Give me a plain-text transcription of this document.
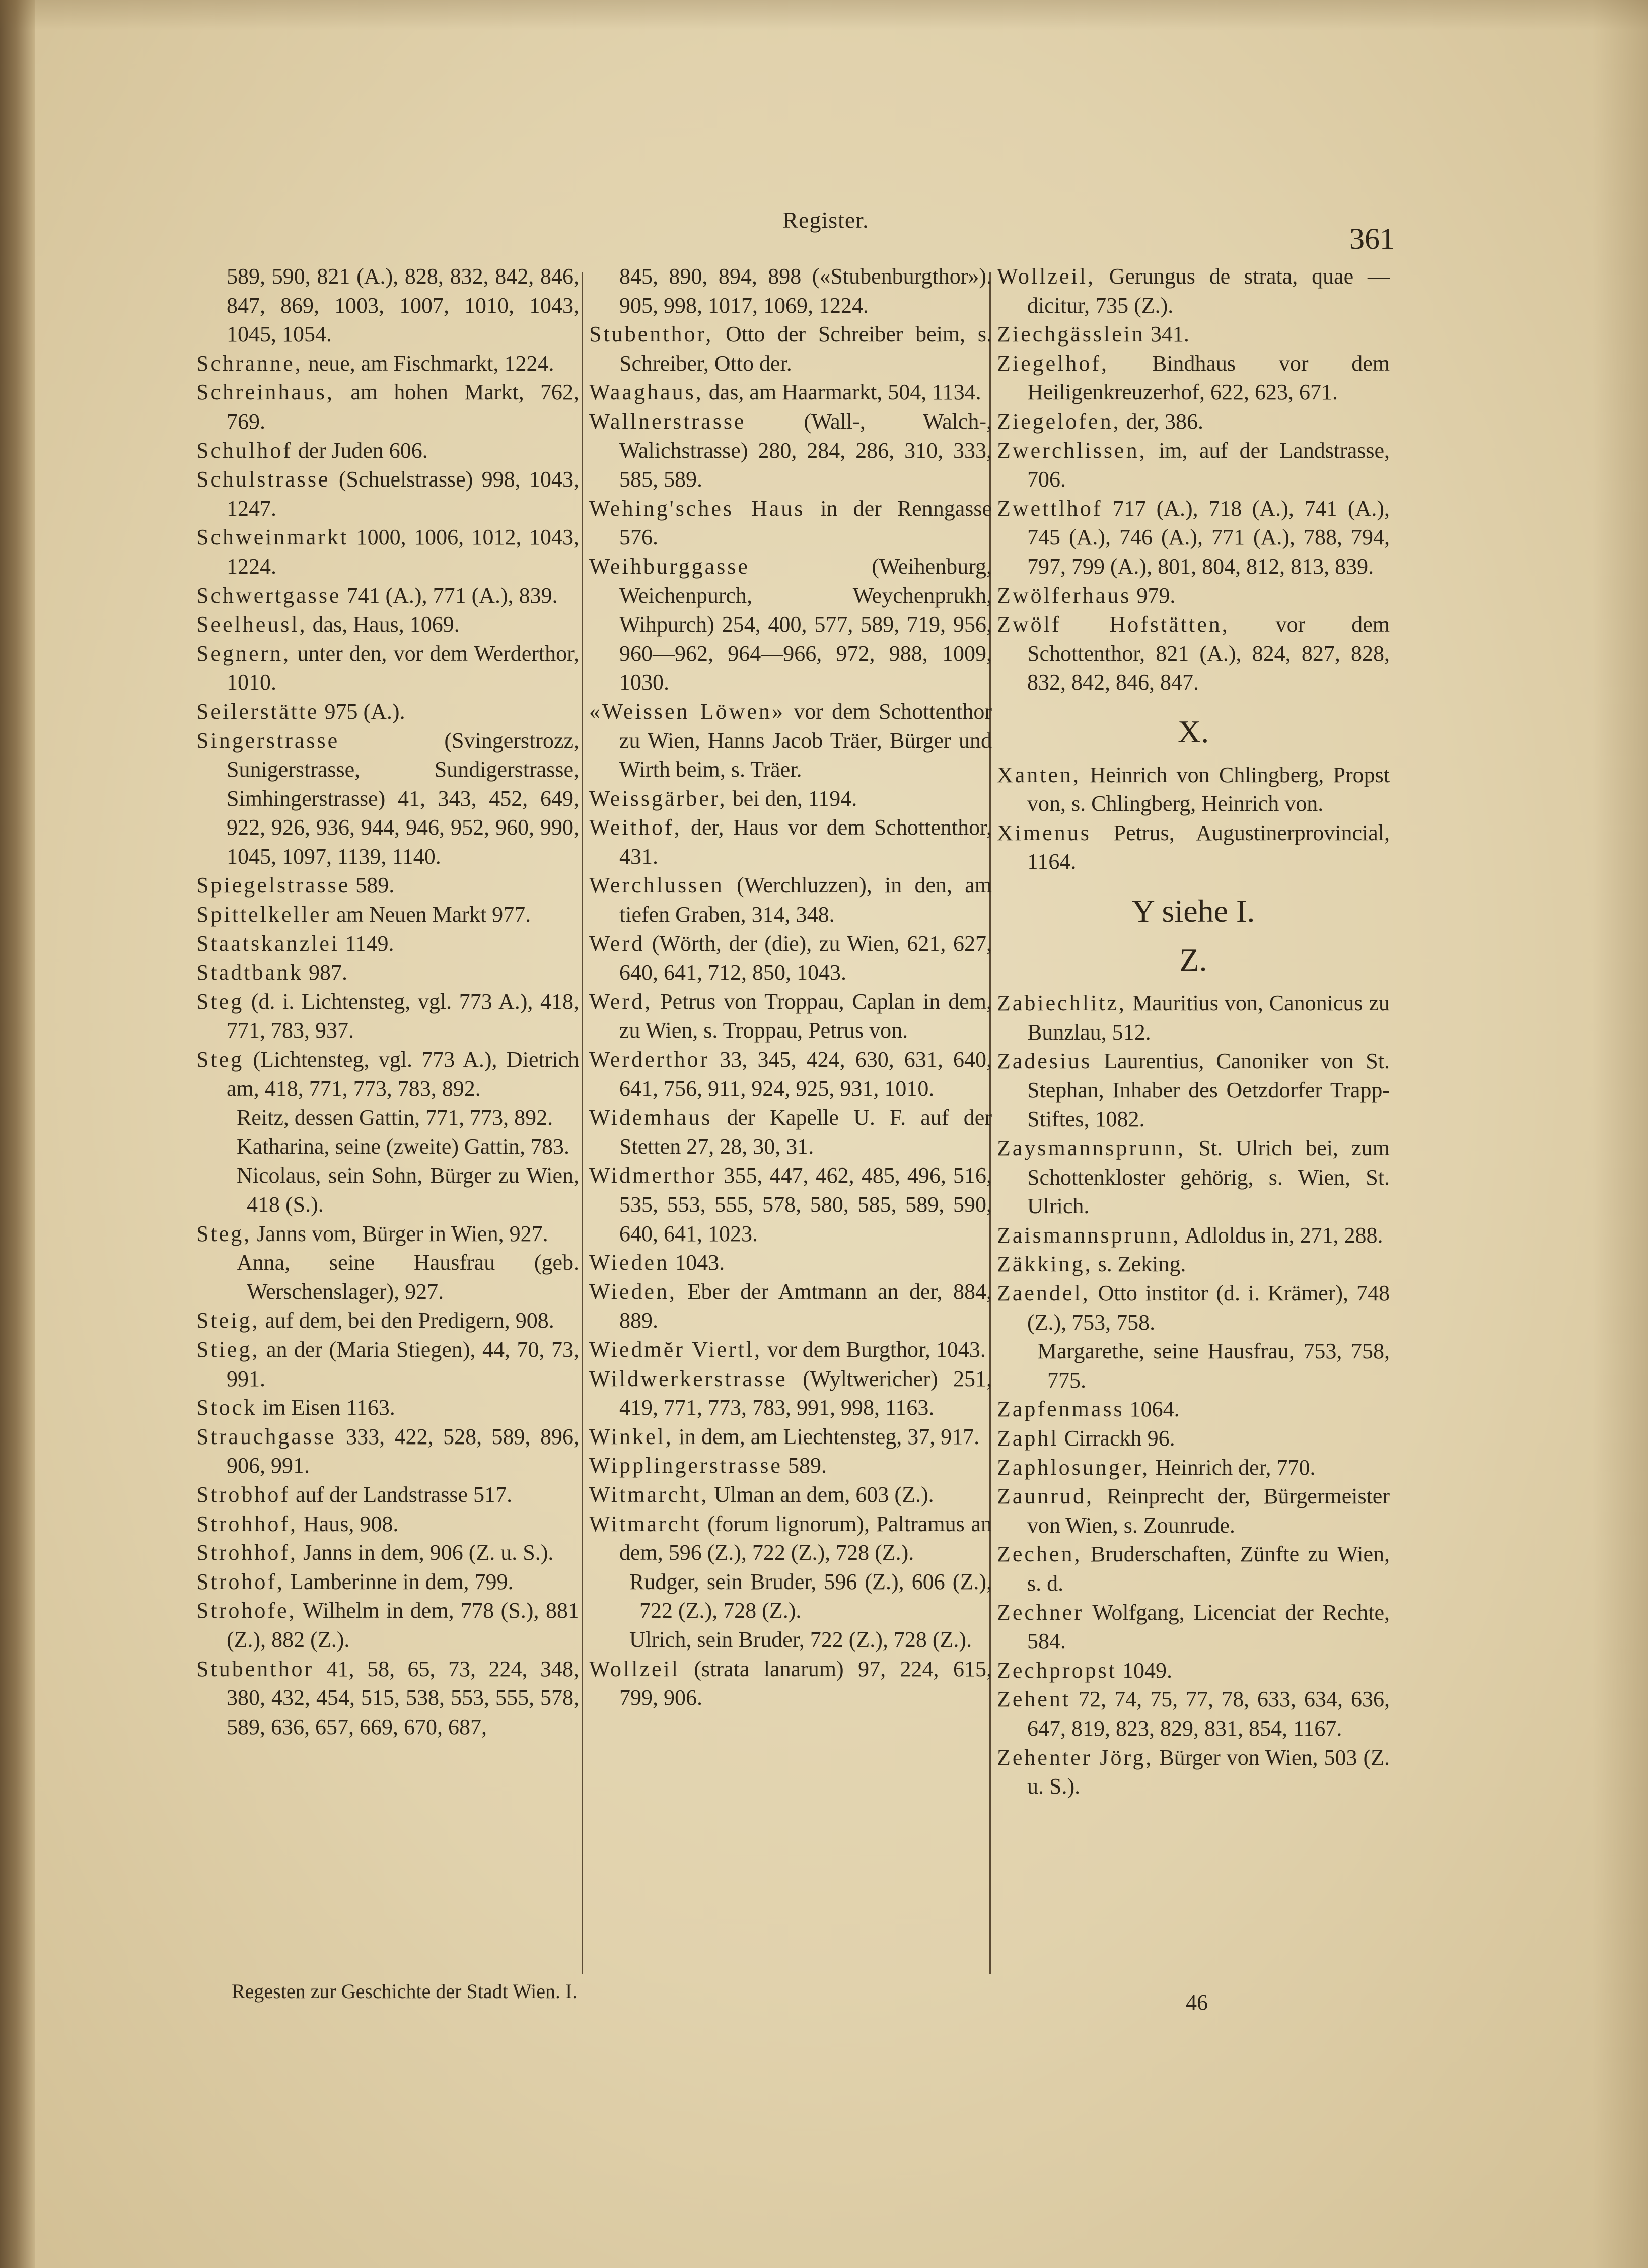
Register.
361

589, 590, 821 (A.), 828, 832, 842, 846, 847, 869, 1003, 1007, 1010, 1043, 1045, 1054.

Schranne, neue, am Fischmarkt, 1224.

Schreinhaus, am hohen Markt, 762, 769.

Schulhof der Juden 606.

Schulstrasse (Schuelstrasse) 998, 1043, 1247.

Schweinmarkt 1000, 1006, 1012, 1043, 1224.

Schwertgasse 741 (A.), 771 (A.), 839.

Seelheusl, das, Haus, 1069.

Segnern, unter den, vor dem Werderthor, 1010.

Seilerstätte 975 (A.).

Singerstrasse (Svingerstrozz, Sunigerstrasse, Sundigerstrasse, Simhingerstrasse) 41, 343, 452, 649, 922, 926, 936, 944, 946, 952, 960, 990, 1045, 1097, 1139, 1140.

Spiegelstrasse 589.

Spittelkeller am Neuen Markt 977.

Staatskanzlei 1149.

Stadtbank 987.

Steg (d. i. Lichtensteg, vgl. 773 A.), 418, 771, 783, 937.

Steg (Lichtensteg, vgl. 773 A.), Dietrich am, 418, 771, 773, 783, 892.

Reitz, dessen Gattin, 771, 773, 892.

Katharina, seine (zweite) Gattin, 783.

Nicolaus, sein Sohn, Bürger zu Wien, 418 (S.).

Steg, Janns vom, Bürger in Wien, 927.

Anna, seine Hausfrau (geb. Werschenslager), 927.

Steig, auf dem, bei den Predigern, 908.

Stieg, an der (Maria Stiegen), 44, 70, 73, 991.

Stock im Eisen 1163.

Strauchgasse 333, 422, 528, 589, 896, 906, 991.

Strobhof auf der Landstrasse 517.

Strohhof, Haus, 908.

Strohhof, Janns in dem, 906 (Z. u. S.).

Strohof, Lamberinne in dem, 799.

Strohofe, Wilhelm in dem, 778 (S.), 881 (Z.), 882 (Z.).

Stubenthor 41, 58, 65, 73, 224, 348, 380, 432, 454, 515, 538, 553, 555, 578, 589, 636, 657, 669, 670, 687,

845, 890, 894, 898 («Stubenburgthor»). 905, 998, 1017, 1069, 1224.

Stubenthor, Otto der Schreiber beim, s. Schreiber, Otto der.

Waaghaus, das, am Haarmarkt, 504, 1134.

Wallnerstrasse (Wall-, Walch-, Walichstrasse) 280, 284, 286, 310, 333, 585, 589.

Wehing'sches Haus in der Renngasse 576.

Weihburggasse (Weihenburg, Weichenpurch, Weychenprukh, Wihpurch) 254, 400, 577, 589, 719, 956, 960—962, 964—966, 972, 988, 1009, 1030.

«Weissen Löwen» vor dem Schottenthor zu Wien, Hanns Jacob Träer, Bürger und Wirth beim, s. Träer.

Weissgärber, bei den, 1194.

Weithof, der, Haus vor dem Schottenthor, 431.

Werchlussen (Werchluzzen), in den, am tiefen Graben, 314, 348.

Werd (Wörth, der (die), zu Wien, 621, 627, 640, 641, 712, 850, 1043.

Werd, Petrus von Troppau, Caplan in dem, zu Wien, s. Troppau, Petrus von.

Werderthor 33, 345, 424, 630, 631, 640, 641, 756, 911, 924, 925, 931, 1010.

Widemhaus der Kapelle U. F. auf der Stetten 27, 28, 30, 31.

Widmerthor 355, 447, 462, 485, 496, 516, 535, 553, 555, 578, 580, 585, 589, 590, 640, 641, 1023.

Wieden 1043.

Wieden, Eber der Amtmann an der, 884, 889.

Wiedmĕr Viertl, vor dem Burgthor, 1043.

Wildwerkerstrasse (Wyltwericher) 251, 419, 771, 773, 783, 991, 998, 1163.

Winkel, in dem, am Liechtensteg, 37, 917.

Wipplingerstrasse 589.

Witmarcht, Ulman an dem, 603 (Z.).

Witmarcht (forum lignorum), Paltramus an dem, 596 (Z.), 722 (Z.), 728 (Z.).

Rudger, sein Bruder, 596 (Z.), 606 (Z.), 722 (Z.), 728 (Z.).

Ulrich, sein Bruder, 722 (Z.), 728 (Z.).

Wollzeil (strata lanarum) 97, 224, 615, 799, 906.

Wollzeil, Gerungus de strata, quae — dicitur, 735 (Z.).

Ziechgässlein 341.

Ziegelhof, Bindhaus vor dem Heiligenkreuzerhof, 622, 623, 671.

Ziegelofen, der, 386.

Zwerchlissen, im, auf der Landstrasse, 706.

Zwettlhof 717 (A.), 718 (A.), 741 (A.), 745 (A.), 746 (A.), 771 (A.), 788, 794, 797, 799 (A.), 801, 804, 812, 813, 839.

Zwölferhaus 979.

Zwölf Hofstätten, vor dem Schottenthor, 821 (A.), 824, 827, 828, 832, 842, 846, 847.

X.

Xanten, Heinrich von Chlingberg, Propst von, s. Chlingberg, Heinrich von.

Ximenus Petrus, Augustinerprovincial, 1164.

Y siehe I.
Z.

Zabiechlitz, Mauritius von, Canonicus zu Bunzlau, 512.

Zadesius Laurentius, Canoniker von St. Stephan, Inhaber des Oetzdorfer Trapp-Stiftes, 1082.

Zaysmannsprunn, St. Ulrich bei, zum Schottenkloster gehörig, s. Wien, St. Ulrich.

Zaismannsprunn, Adloldus in, 271, 288.

Zäkking, s. Zeking.

Zaendel, Otto institor (d. i. Krämer), 748 (Z.), 753, 758.

Margarethe, seine Hausfrau, 753, 758, 775.

Zapfenmass 1064.

Zaphl Cirrackh 96.

Zaphlosunger, Heinrich der, 770.

Zaunrud, Reinprecht der, Bürgermeister von Wien, s. Zounrude.

Zechen, Bruderschaften, Zünfte zu Wien, s. d.

Zechner Wolfgang, Licenciat der Rechte, 584.

Zechpropst 1049.

Zehent 72, 74, 75, 77, 78, 633, 634, 636, 647, 819, 823, 829, 831, 854, 1167.

Zehenter Jörg, Bürger von Wien, 503 (Z. u. S.).

Regesten zur Geschichte der Stadt Wien. I.	46
